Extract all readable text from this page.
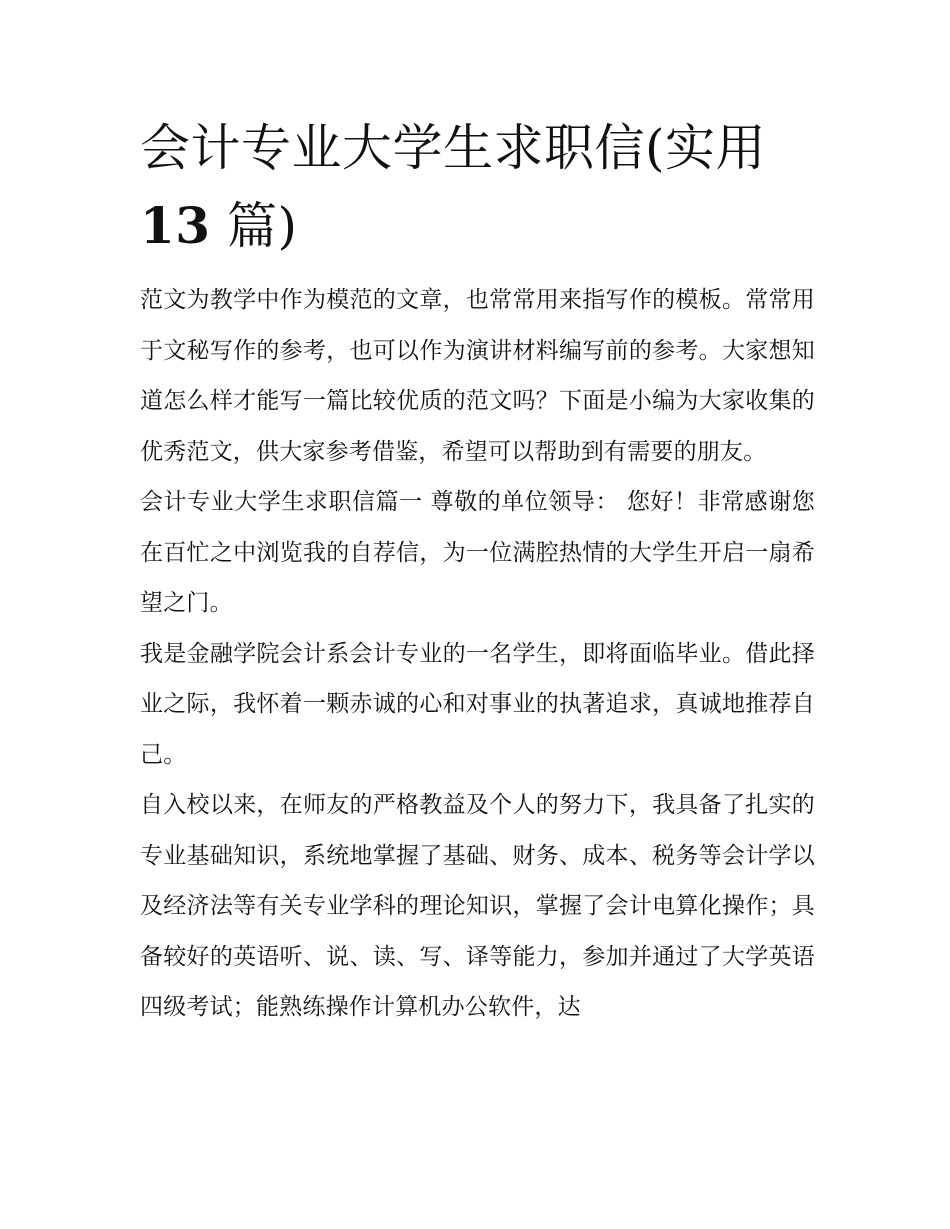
会计专业大学生求职信(实用
13 篇)

范文为教学中作为模范的文章，也常常用来指写作的模板。常常用于文秘写作的参考，也可以作为演讲材料编写前的参考。大家想知道怎么样才能写一篇比较优质的范文吗？下面是小编为大家收集的优秀范文，供大家参考借鉴，希望可以帮助到有需要的朋友。

会计专业大学生求职信篇一 尊敬的单位领导： 您好！非常感谢您在百忙之中浏览我的自荐信，为一位满腔热情的大学生开启一扇希望之门。

我是金融学院会计系会计专业的一名学生，即将面临毕业。借此择业之际，我怀着一颗赤诚的心和对事业的执著追求，真诚地推荐自己。

自入校以来，在师友的严格教益及个人的努力下，我具备了扎实的专业基础知识，系统地掌握了基础、财务、成本、税务等会计学以及经济法等有关专业学科的理论知识，掌握了会计电算化操作；具备较好的英语听、说、读、写、译等能力，参加并通过了大学英语四级考试；能熟练操作计算机办公软件，达
